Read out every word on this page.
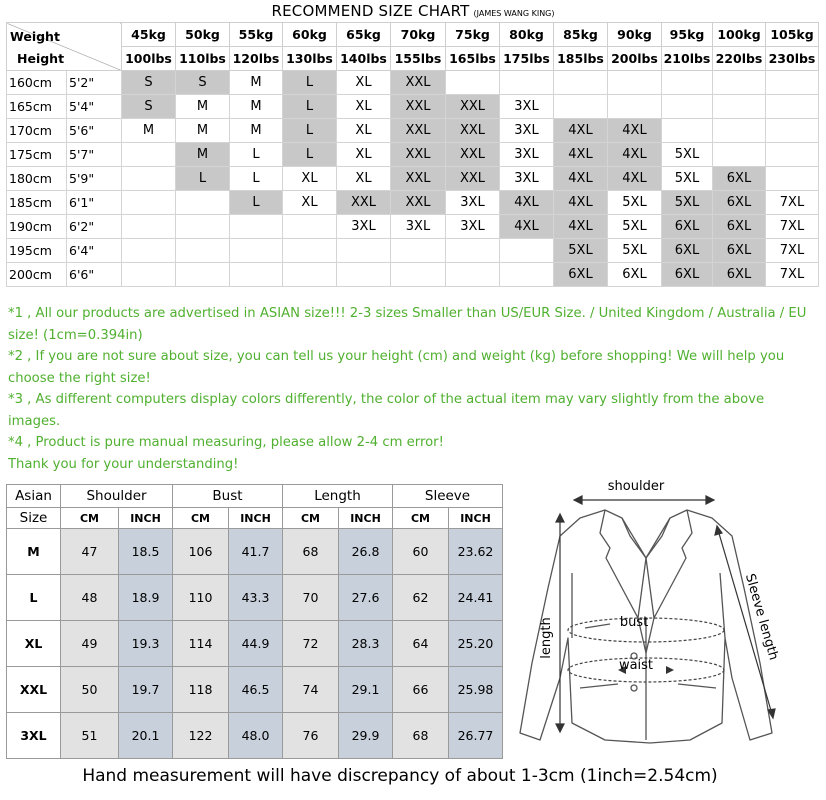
RECOMMEND SIZE CHART (JAMES WANG KING)
Weight
Height		45kg	50kg	55kg	60kg	65kg	70kg	75kg	80kg	85kg	90kg	95kg	100kg	105kg
		100lbs	110lbs	120lbs	130lbs	140lbs	155lbs	165lbs	175lbs	185lbs	200lbs	210lbs	220lbs	230lbs
160cm	5'2"	S	S	M	L	XL	XXL							
165cm	5'4"	S	M	M	L	XL	XXL	XXL	3XL					
170cm	5'6"	M	M	M	L	XL	XXL	XXL	3XL	4XL	4XL			
175cm	5'7"		M	L	L	XL	XXL	XXL	3XL	4XL	4XL	5XL		
180cm	5'9"		L	L	XL	XL	XXL	XXL	3XL	4XL	4XL	5XL	6XL	
185cm	6'1"			L	XL	XXL	XXL	3XL	4XL	4XL	5XL	5XL	6XL	7XL
190cm	6'2"					3XL	3XL	3XL	4XL	4XL	5XL	6XL	6XL	7XL
195cm	6'4"									5XL	5XL	6XL	6XL	7XL
200cm	6'6"									6XL	6XL	6XL	6XL	7XL
*1 , All our products are advertised in ASIAN size!!! 2-3 sizes Smaller than US/EUR Size. / United Kingdom / Australia / EU size! (1cm=0.394in)
*2 , If you are not sure about size, you can tell us your height (cm) and weight (kg) before shopping! We will help you choose the right size!
*3 , As different computers display colors differently, the color of the actual item may vary slightly from the above images.
*4 , Product is pure manual measuring, please allow 2-4 cm error!
Thank you for your understanding!
Asian	Shoulder		Bust		Length		Sleeve	
Size	CM	INCH	CM	INCH	CM	INCH	CM	INCH
M	47	18.5	106	41.7	68	26.8	60	23.62
L	48	18.9	110	43.3	70	27.6	62	24.41
XL	49	19.3	114	44.9	72	28.3	64	25.20
XXL	50	19.7	118	46.5	74	29.1	66	25.98
3XL	51	20.1	122	48.0	76	29.9	68	26.77
shoulder
length	bust
waist
Sleeve length
Hand measurement will have discrepancy of about 1-3cm (1inch=2.54cm)
